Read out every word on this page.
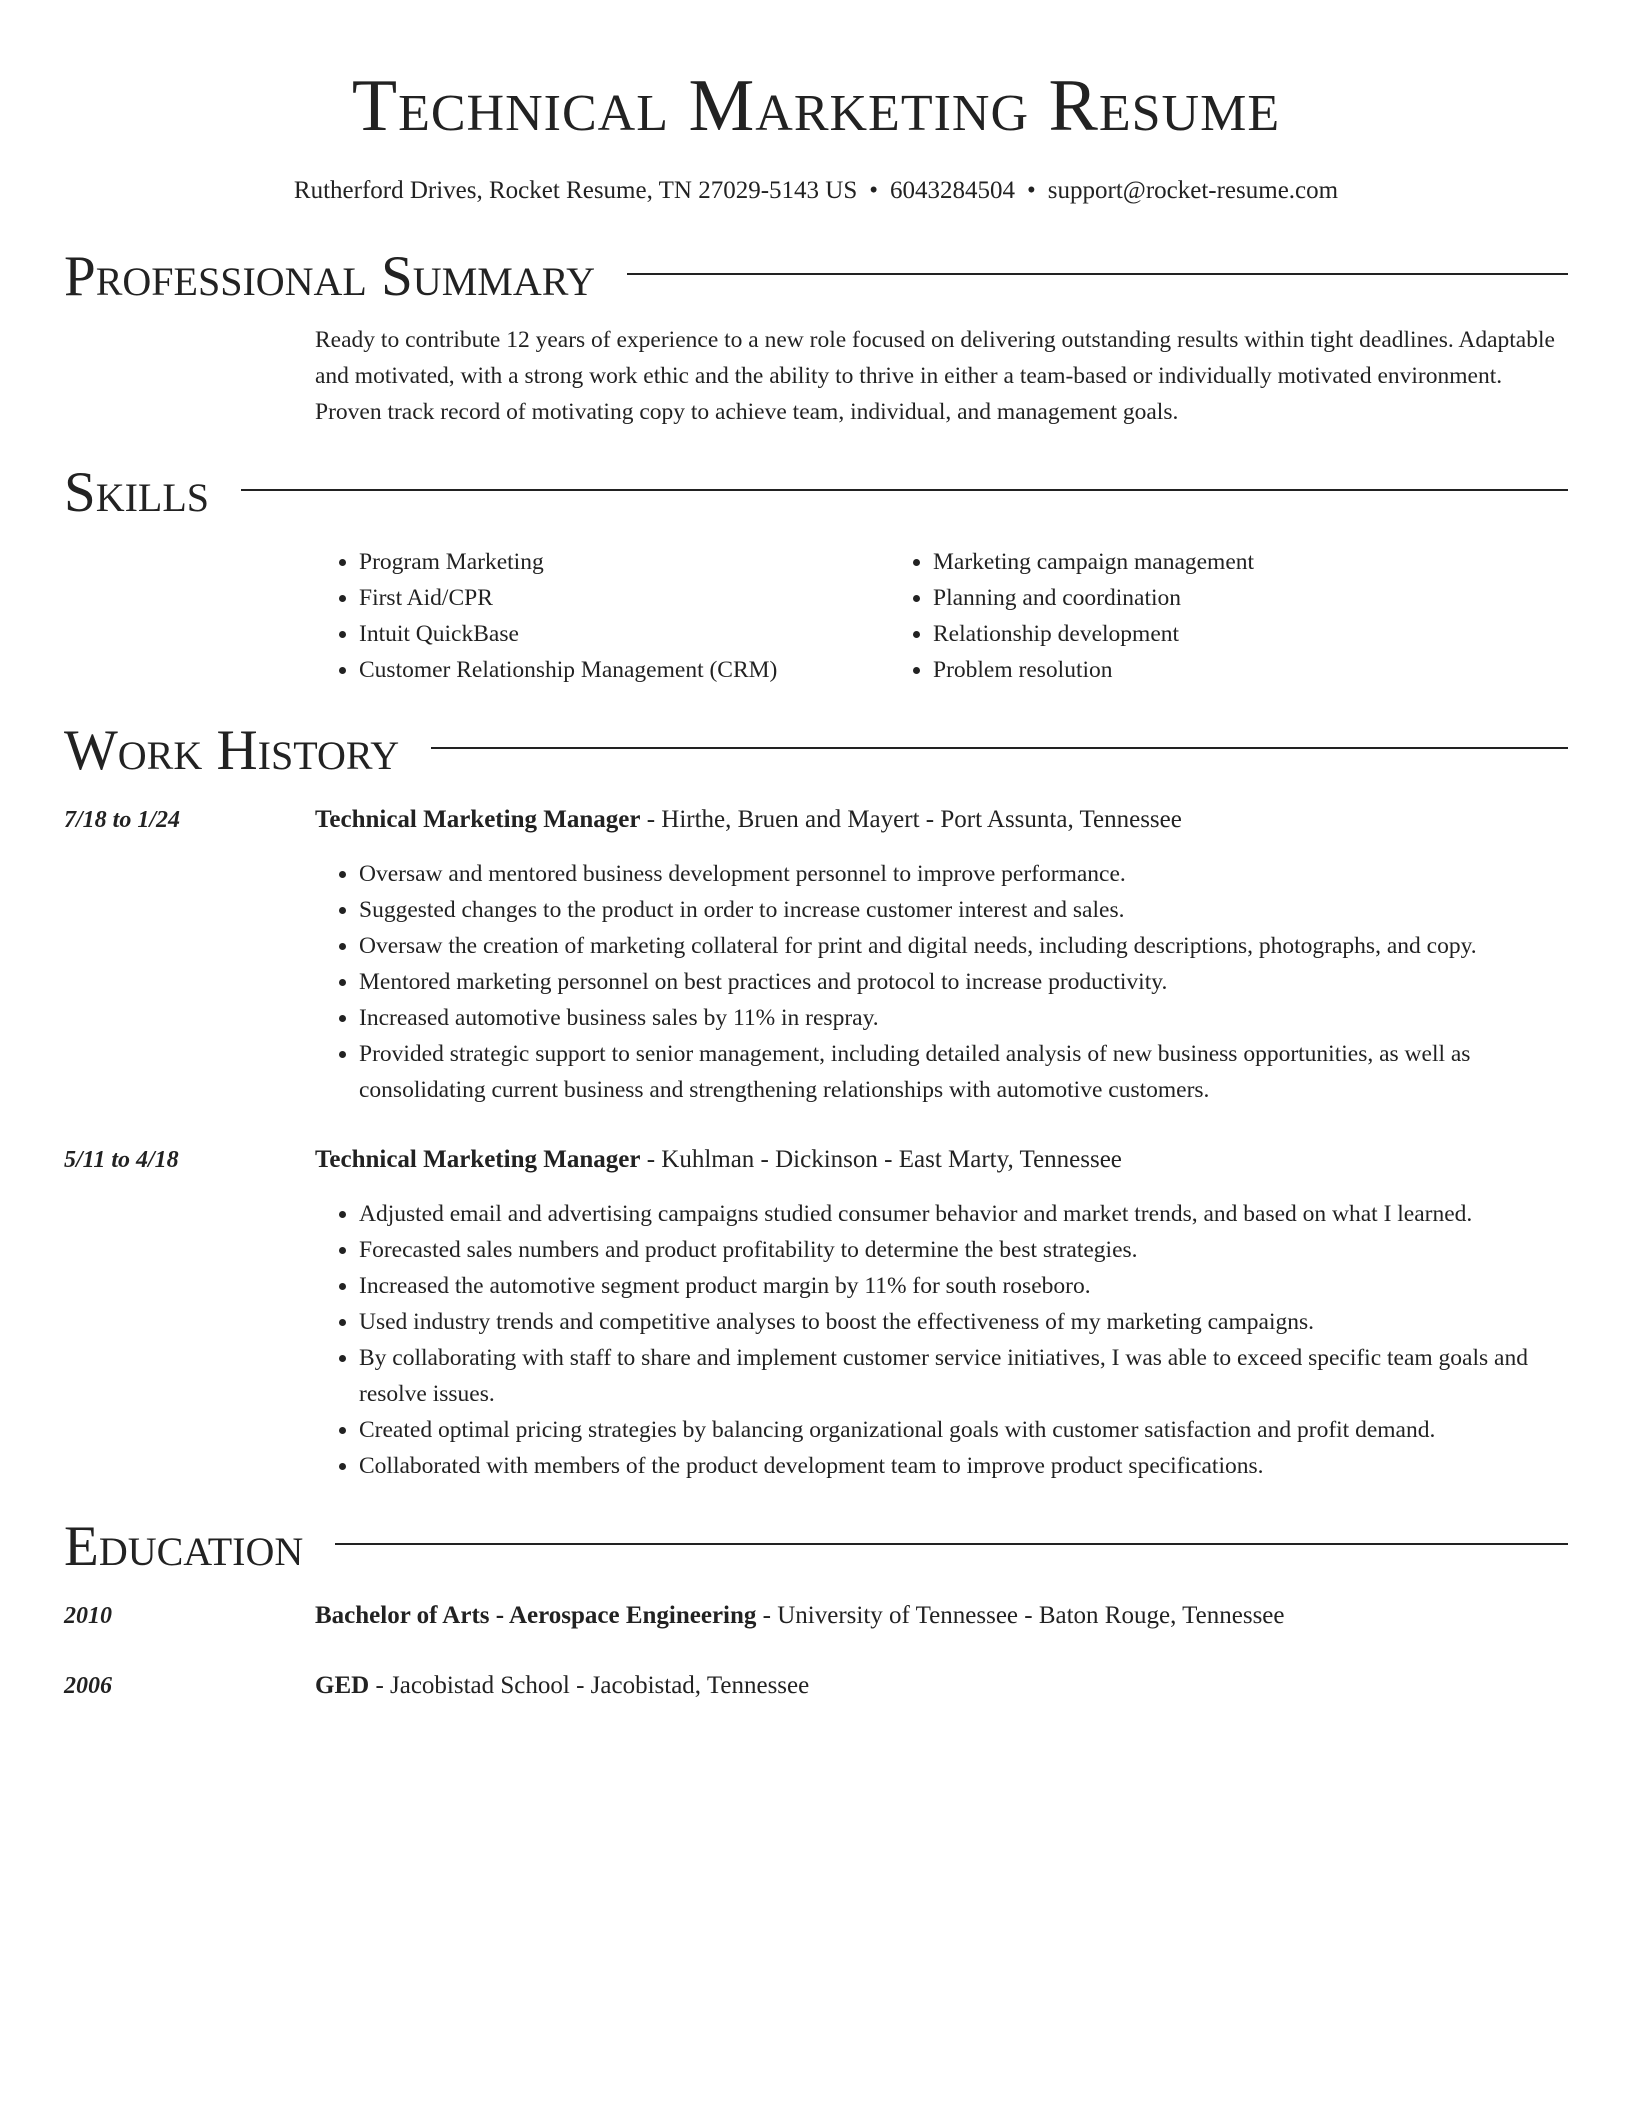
Technical Marketing Resume
Rutherford Drives, Rocket Resume, TN 27029-5143 US • 6043284504 • support@rocket-resume.com
Professional Summary
Ready to contribute 12 years of experience to a new role focused on delivering outstanding results within tight deadlines. Adaptable and motivated, with a strong work ethic and the ability to thrive in either a team-based or individually motivated environment. Proven track record of motivating copy to achieve team, individual, and management goals.
Skills
• Program Marketing
• First Aid/CPR
• Intuit QuickBase
• Customer Relationship Management (CRM)
• Marketing campaign management
• Planning and coordination
• Relationship development
• Problem resolution
Work History
7/18 to 1/24	Technical Marketing Manager - Hirthe, Bruen and Mayert - Port Assunta, Tennessee
• Oversaw and mentored business development personnel to improve performance.
• Suggested changes to the product in order to increase customer interest and sales.
• Oversaw the creation of marketing collateral for print and digital needs, including descriptions, photographs, and copy.
• Mentored marketing personnel on best practices and protocol to increase productivity.
• Increased automotive business sales by 11% in respray.
• Provided strategic support to senior management, including detailed analysis of new business opportunities, as well as consolidating current business and strengthening relationships with automotive customers.
5/11 to 4/18	Technical Marketing Manager - Kuhlman - Dickinson - East Marty, Tennessee
• Adjusted email and advertising campaigns studied consumer behavior and market trends, and based on what I learned.
• Forecasted sales numbers and product profitability to determine the best strategies.
• Increased the automotive segment product margin by 11% for south roseboro.
• Used industry trends and competitive analyses to boost the effectiveness of my marketing campaigns.
• By collaborating with staff to share and implement customer service initiatives, I was able to exceed specific team goals and resolve issues.
• Created optimal pricing strategies by balancing organizational goals with customer satisfaction and profit demand.
• Collaborated with members of the product development team to improve product specifications.
Education
2010	Bachelor of Arts - Aerospace Engineering - University of Tennessee - Baton Rouge, Tennessee
2006	GED - Jacobistad School - Jacobistad, Tennessee
